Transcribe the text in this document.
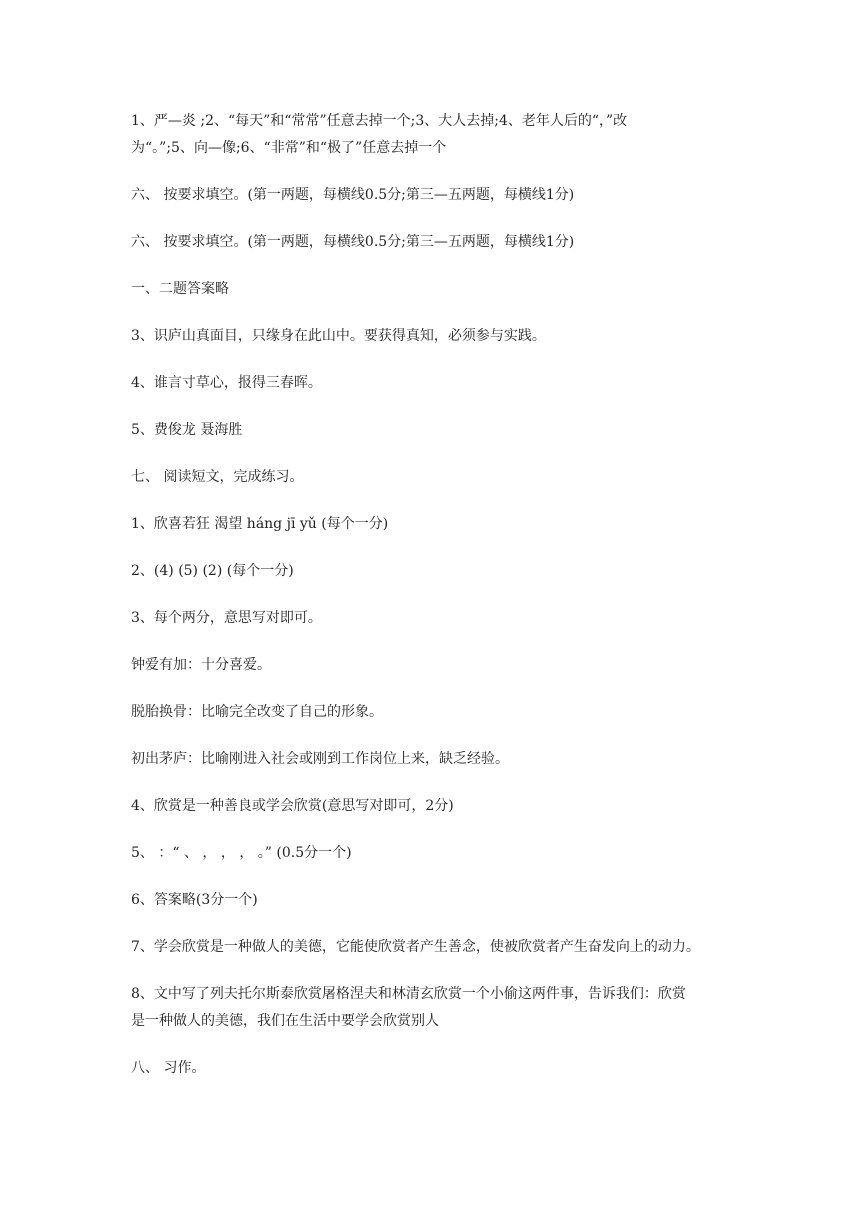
1、严—炎 ;2、“每天”和“常常”任意去掉一个;3、大人去掉;4、老年人后的“，”改
为“。”;5、向—像;6、“非常”和“极了”任意去掉一个

六、 按要求填空。(第一两题，每横线0.5分;第三—五两题，每横线1分)

六、 按要求填空。(第一两题，每横线0.5分;第三—五两题，每横线1分)

一、二题答案略

3、识庐山真面目，只缘身在此山中。要获得真知，必须参与实践。

4、谁言寸草心，报得三春晖。

5、费俊龙 聂海胜

七、 阅读短文，完成练习。

1、欣喜若狂 渴望 háng jī yǔ (每个一分)

2、(4) (5) (2) (每个一分)

3、每个两分，意思写对即可。

钟爱有加：十分喜爱。

脱胎换骨：比喻完全改变了自己的形象。

初出茅庐：比喻刚进入社会或刚到工作岗位上来，缺乏经验。

4、欣赏是一种善良或学会欣赏(意思写对即可，2分)

5、 ：“ 、 ， ， ， 。” (0.5分一个)

6、答案略(3分一个)

7、学会欣赏是一种做人的美德，它能使欣赏者产生善念，使被欣赏者产生奋发向上的动力。

8、文中写了列夫托尔斯泰欣赏屠格涅夫和林清玄欣赏一个小偷这两件事，告诉我们：欣赏
是一种做人的美德，我们在生活中要学会欣赏别人

八、 习作。
